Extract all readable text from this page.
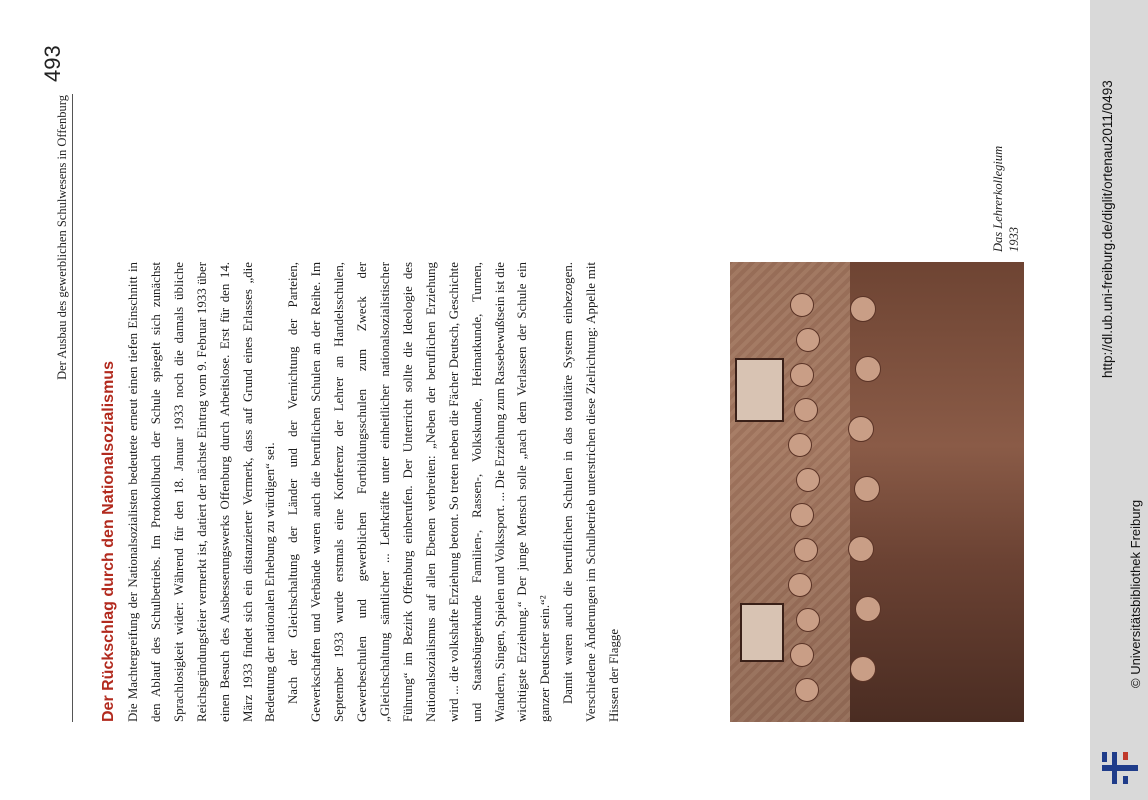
Der Ausbau des gewerblichen Schulwesens in Offenburg
493
Der Rückschlag durch den Nationalsozialismus Die Machtergreifung der Nationalsozialisten bedeutete erneut einen tiefen Einschnitt in den Ablauf des Schulbetriebs. Im Protokollbuch der Schule spiegelt sich zunächst Sprachlosigkeit wider: Während für den 18. Januar 1933 noch die damals übliche Reichsgründungsfeier vermerkt ist, datiert der nächste Eintrag vom 9. Februar 1933 über einen Besuch des Ausbesserungswerks Offenburg durch Arbeitslose. Erst für den 14. März 1933 findet sich ein distanzierter Vermerk, dass auf Grund eines Erlasses „die Bedeutung der nationalen Erhebung zu würdigen“ sei. Nach der Gleichschaltung der Länder und der Vernichtung der Parteien, Gewerkschaften und Verbände waren auch die beruflichen Schulen an der Reihe. Im September 1933 wurde erstmals eine Konferenz der Lehrer an Handelsschulen, Gewerbeschulen und gewerblichen Fortbildungsschulen zum Zweck der „Gleichschaltung sämtlicher ... Lehrkräfte unter einheitlicher nationalsozialistischer Führung“ im Bezirk Offenburg einberufen. Der Unterricht sollte die Ideologie des Nationalsozialismus auf allen Ebenen verbreiten: „Neben der beruflichen Erziehung wird ... die volkshafte Erziehung betont. So treten neben die Fächer Deutsch, Geschichte und Staatsbürgerkunde Familien-, Rassen-, Volkskunde, Heimatkunde, Turnen, Wandern, Singen, Spielen und Volkssport. ... Die Erziehung zum Rassebewußtsein ist die wichtigste Erziehung.“ Der junge Mensch solle „nach dem Verlassen der Schule ein ganzer Deutscher sein.“² Damit waren auch die beruflichen Schulen in das totalitäre System einbezogen. Verschiedene Änderungen im Schulbetrieb unterstrichen diese Zielrichtung: Appelle mit Hissen der Flagge

Das Lehrerkollegium 1933	http://dl.ub.uni-freiburg.de/diglit/ortenau2011/0493
© Universitätsbibliothek Freiburg
